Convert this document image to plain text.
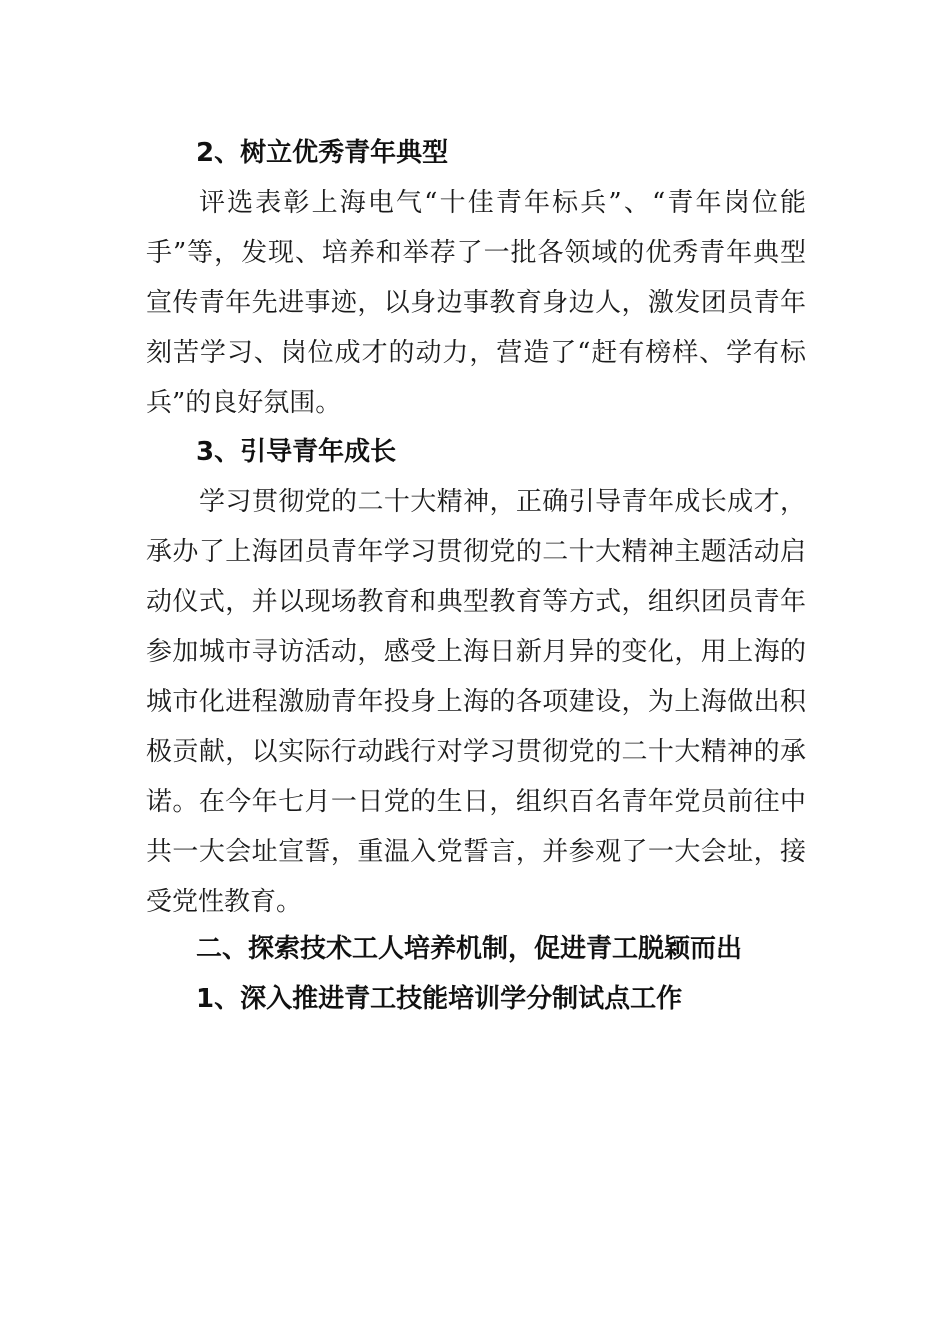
2、树立优秀青年典型
评选表彰上海电气“十佳青年标兵”、“青年岗位能
手”等，发现、培养和举荐了一批各领域的优秀青年典型
宣传青年先进事迹，以身边事教育身边人，激发团员青年
刻苦学习、岗位成才的动力，营造了“赶有榜样、学有标
兵”的良好氛围。
3、引导青年成长
学习贯彻党的二十大精神，正确引导青年成长成才，
承办了上海团员青年学习贯彻党的二十大精神主题活动启
动仪式，并以现场教育和典型教育等方式，组织团员青年
参加城市寻访活动，感受上海日新月异的变化，用上海的
城市化进程激励青年投身上海的各项建设，为上海做出积
极贡献，以实际行动践行对学习贯彻党的二十大精神的承
诺。在今年七月一日党的生日，组织百名青年党员前往中
共一大会址宣誓，重温入党誓言，并参观了一大会址，接
受党性教育。
二、探索技术工人培养机制，促进青工脱颖而出
1、深入推进青工技能培训学分制试点工作
